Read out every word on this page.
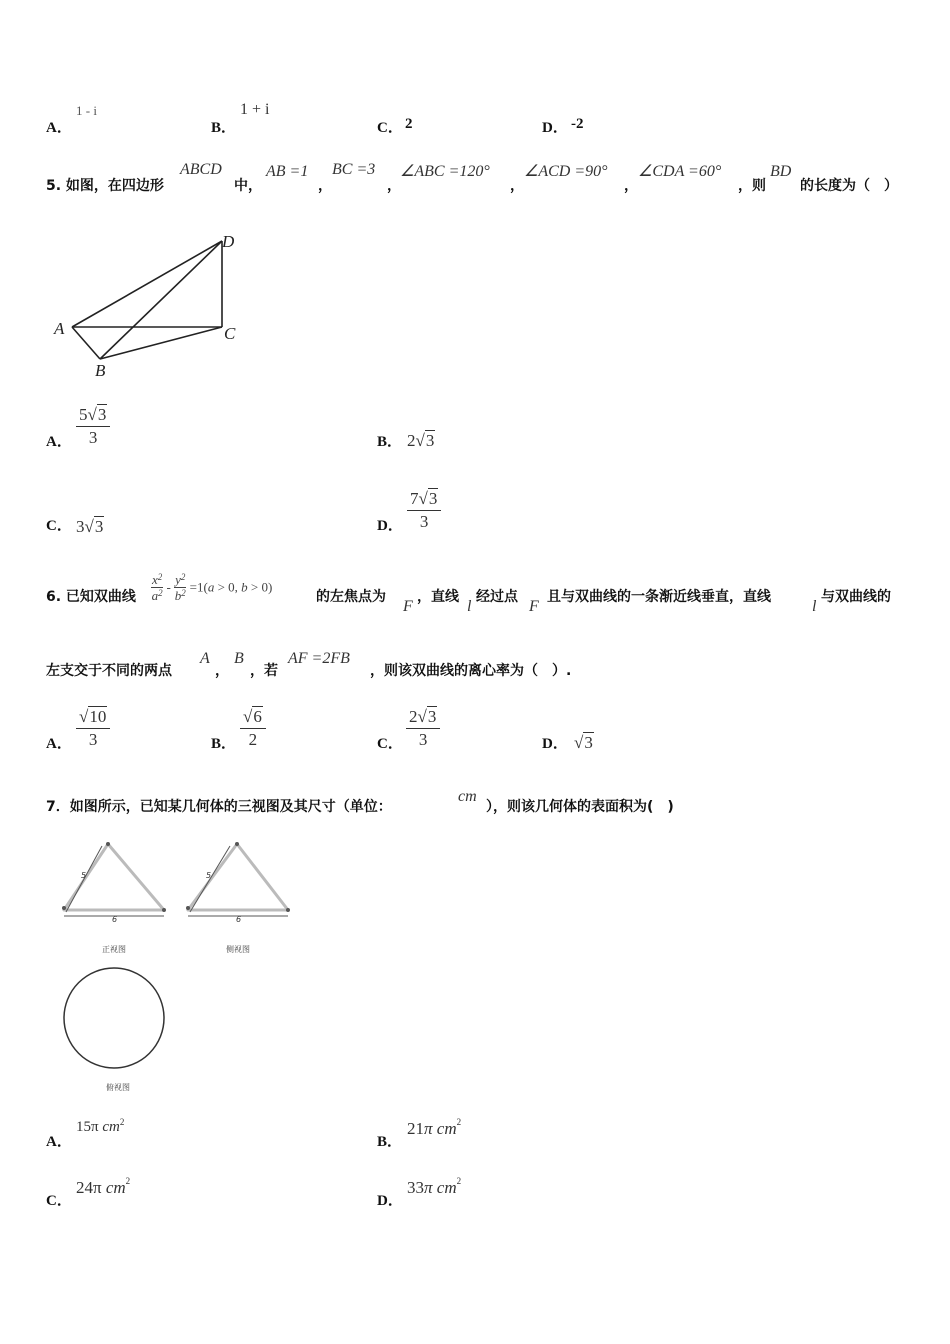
A．
1 - i
B．
1 + i
C． 2	D． -2
5. 如图，在四边形
ABCD
中，
AB =1
，
BC =3
，
∠ABC =120°
，
∠ACD =90°
，
∠CDA =60°
，则
BD
的长度为（　）
A
B
C
D
A． $\frac{5√3}{3}$	B． 2√3
C． 3√3	D． $\frac{7√3}{3}$
6. 已知双曲线 $\frac{x^2}{a^2} - \frac{y^2}{b^2} =1(a > 0$, b > 0)
的左焦点为
F
，直线
l
经过点
F
且与双曲线的一条渐近线垂直，直线
l
与双曲线的
左支交于不同的两点
A
，
B
，若
AF =2FB
，则该双曲线的离心率为（　）.
A． $\frac{√10}{3}$	B． $\frac{√6}{2}$	C． $\frac{2√3}{3}$	D． √3
7．如图所示，已知某几何体的三视图及其尺寸（单位：
cm
），则该几何体的表面积为(　)
5
6
正视图
5
6
侧视图
俯视图
A．
15π $cm^2$
B．
21π $cm^2$
C．
24π $cm^2$
D．
33π $cm^2$
